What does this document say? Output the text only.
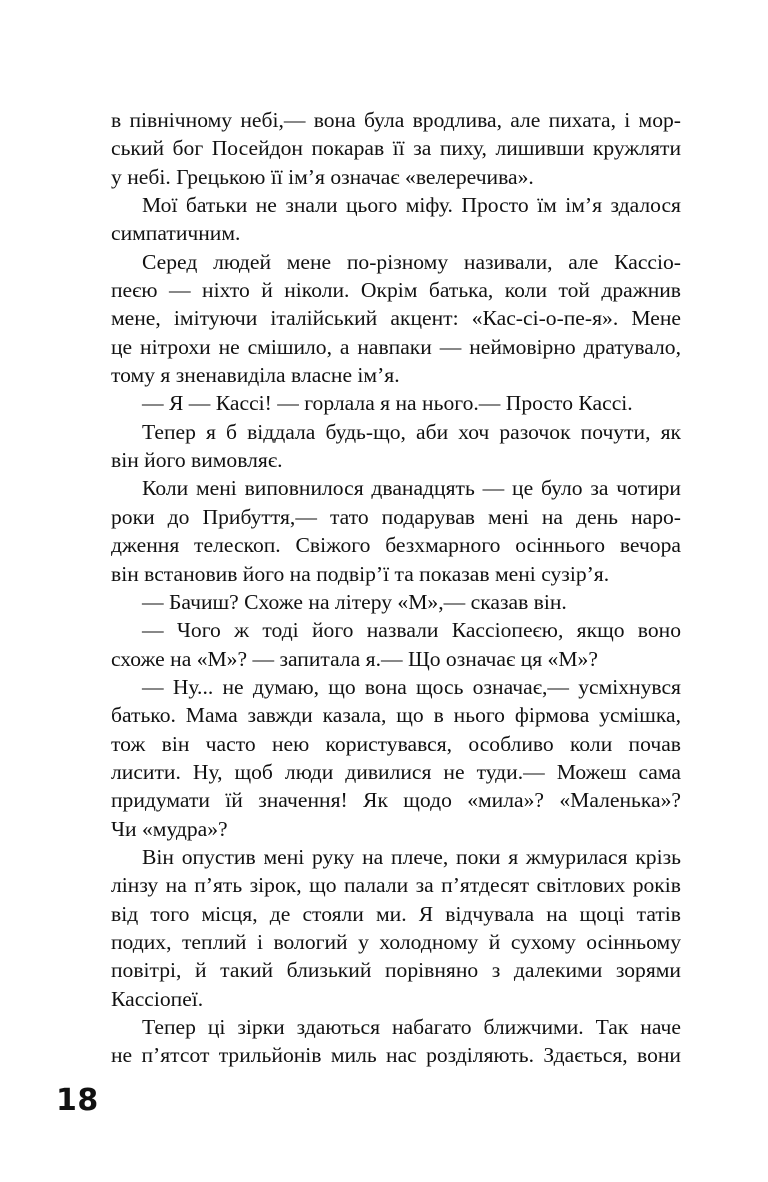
в північному небі,— вона була вродлива, але пихата, і мор-
ський бог Посейдон покарав її за пиху, лишивши кружляти
у небі. Грецькою її ім’я означає «велеречива».
Мої батьки не знали цього міфу. Просто їм ім’я здалося
симпатичним.
Серед людей мене по-різному називали, але Кассіо-
пеєю — ніхто й ніколи. Окрім батька, коли той дражнив
мене, імітуючи італійський акцент: «Кас-сі-о-пе-я». Мене
це нітрохи не смішило, а навпаки — неймовірно дратувало,
тому я зненавиділа власне ім’я.
— Я — Кассі! — горлала я на нього.— Просто Кассі.
Тепер я б віддала будь-що, аби хоч разочок почути, як
він його вимовляє.
Коли мені виповнилося дванадцять — це було за чотири
роки до Прибуття,— тато подарував мені на день наро-
дження телескоп. Свіжого безхмарного осіннього вечора
він встановив його на подвір’ї та показав мені сузір’я.
— Бачиш? Схоже на літеру «М»,— сказав він.
— Чого ж тоді його назвали Кассіопеєю, якщо воно
схоже на «М»? — запитала я.— Що означає ця «М»?
— Ну... не думаю, що вона щось означає,— усміхнувся
батько. Мама завжди казала, що в нього фірмова усмішка,
тож він часто нею користувався, особливо коли почав
лисити. Ну, щоб люди дивилися не туди.— Можеш сама
придумати їй значення! Як щодо «мила»? «Маленька»?
Чи «мудра»?
Він опустив мені руку на плече, поки я жмурилася крізь
лінзу на п’ять зірок, що палали за п’ятдесят світлових років
від того місця, де стояли ми. Я відчувала на щоці татів
подих, теплий і вологий у холодному й сухому осінньому
повітрі, й такий близький порівняно з далекими зорями
Кассіопеї.
Тепер ці зірки здаються набагато ближчими. Так наче
не п’ятсот трильйонів миль нас розділяють. Здається, вони
18
